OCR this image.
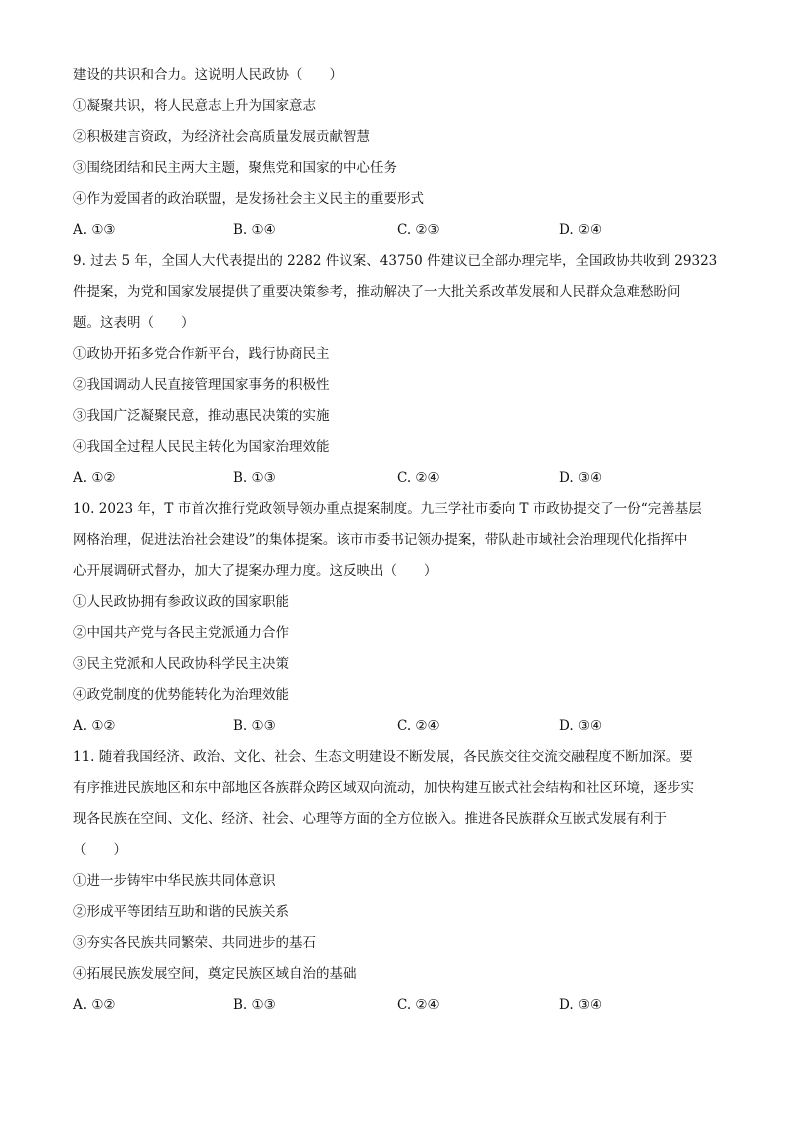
建设的共识和合力。这说明人民政协（　　）
①凝聚共识，将人民意志上升为国家意志
②积极建言资政，为经济社会高质量发展贡献智慧
③围绕团结和民主两大主题，聚焦党和国家的中心任务
④作为爱国者的政治联盟，是发扬社会主义民主的重要形式
A. ①③	B. ①④	C. ②③	D. ②④
9. 过去 5 年，全国人大代表提出的 2282 件议案、43750 件建议已全部办理完毕，全国政协共收到 29323
件提案，为党和国家发展提供了重要决策参考，推动解决了一大批关系改革发展和人民群众急难愁盼问
题。这表明（　　）
①政协开拓多党合作新平台，践行协商民主
②我国调动人民直接管理国家事务的积极性
③我国广泛凝聚民意，推动惠民决策的实施
④我国全过程人民民主转化为国家治理效能
A. ①②	B. ①③	C. ②④	D. ③④
10. 2023 年，T 市首次推行党政领导领办重点提案制度。九三学社市委向 T 市政协提交了一份“完善基层
网格治理，促进法治社会建设”的集体提案。该市市委书记领办提案，带队赴市域社会治理现代化指挥中
心开展调研式督办，加大了提案办理力度。这反映出（　　）
①人民政协拥有参政议政的国家职能
②中国共产党与各民主党派通力合作
③民主党派和人民政协科学民主决策
④政党制度的优势能转化为治理效能
A. ①②	B. ①③	C. ②④	D. ③④
11. 随着我国经济、政治、文化、社会、生态文明建设不断发展，各民族交往交流交融程度不断加深。要
有序推进民族地区和东中部地区各族群众跨区域双向流动，加快构建互嵌式社会结构和社区环境，逐步实
现各民族在空间、文化、经济、社会、心理等方面的全方位嵌入。推进各民族群众互嵌式发展有利于
（　　）
①进一步铸牢中华民族共同体意识
②形成平等团结互助和谐的民族关系
③夯实各民族共同繁荣、共同进步的基石
④拓展民族发展空间，奠定民族区域自治的基础
A. ①②	B. ①③	C. ②④	D. ③④
